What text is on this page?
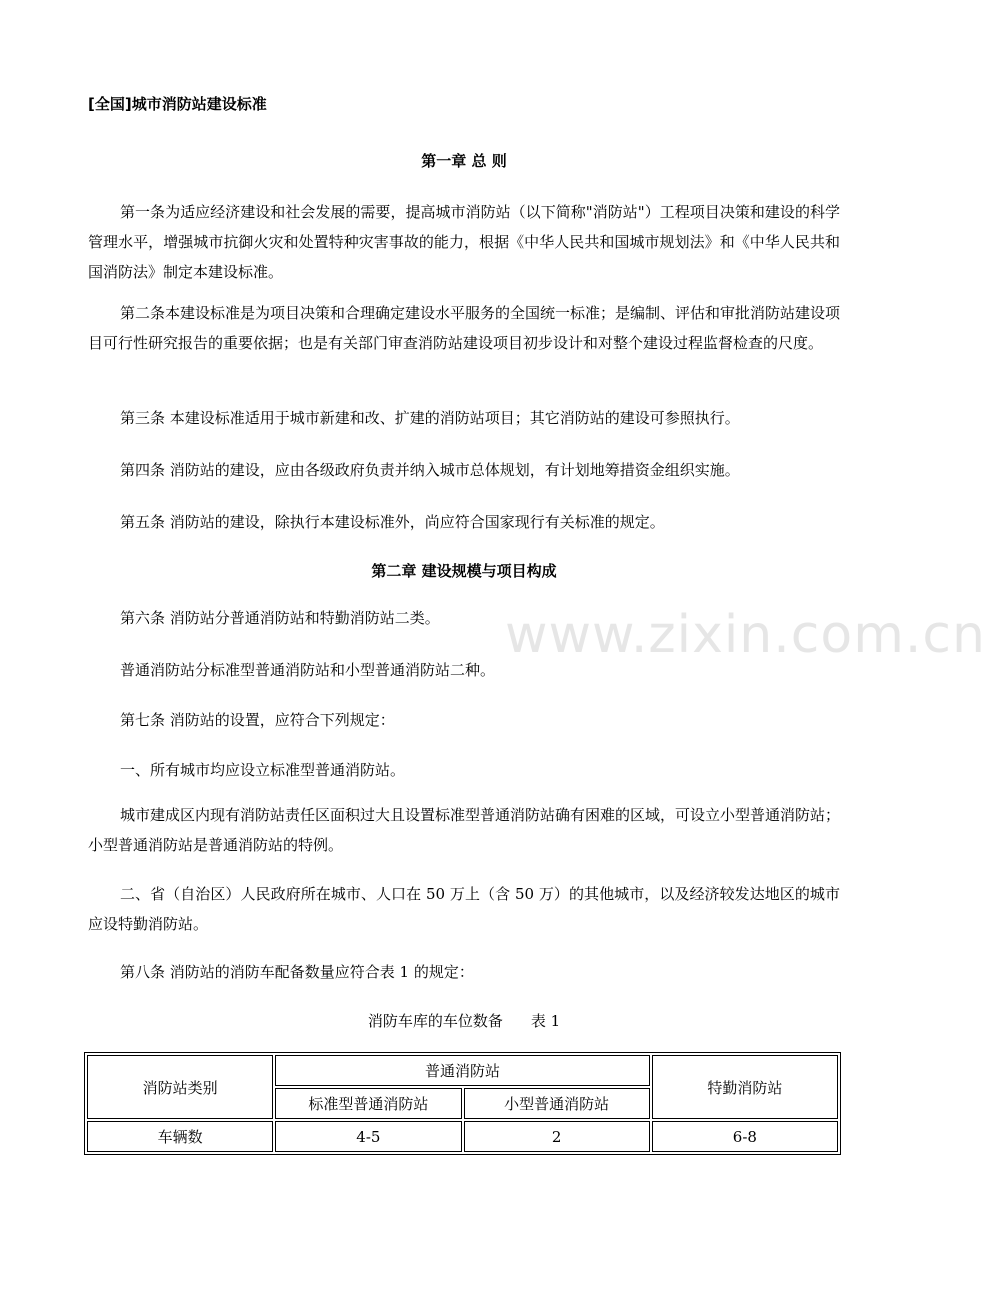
[全国]城市消防站建设标准
第一章 总 则
第一条为适应经济建设和社会发展的需要，提高城市消防站（以下简称"消防站"）工程项目决策和建设的科学管理水平，增强城市抗御火灾和处置特种灾害事故的能力，根据《中华人民共和国城市规划法》和《中华人民共和国消防法》制定本建设标准。
第二条本建设标准是为项目决策和合理确定建设水平服务的全国统一标准；是编制、评估和审批消防站建设项目可行性研究报告的重要依据；也是有关部门审查消防站建设项目初步设计和对整个建设过程监督检查的尺度。
第三条 本建设标准适用于城市新建和改、扩建的消防站项目；其它消防站的建设可参照执行。
第四条 消防站的建设，应由各级政府负责并纳入城市总体规划，有计划地筹措资金组织实施。
第五条 消防站的建设，除执行本建设标准外，尚应符合国家现行有关标准的规定。
第二章 建设规模与项目构成
第六条 消防站分普通消防站和特勤消防站二类。
普通消防站分标准型普通消防站和小型普通消防站二种。
第七条 消防站的设置，应符合下列规定：
一、所有城市均应设立标准型普通消防站。
城市建成区内现有消防站责任区面积过大且设置标准型普通消防站确有困难的区域，可设立小型普通消防站；小型普通消防站是普通消防站的特例。
二、省（自治区）人民政府所在城市、人口在 50 万上（含 50 万）的其他城市，以及经济较发达地区的城市应设特勤消防站。
第八条 消防站的消防车配备数量应符合表 1 的规定：
消防车库的车位数备 表 1
消防站类别	普通消防站		特勤消防站
	标准型普通消防站	小型普通消防站	
车辆数	4-5	2	6-8
www.zixin.com.cn
